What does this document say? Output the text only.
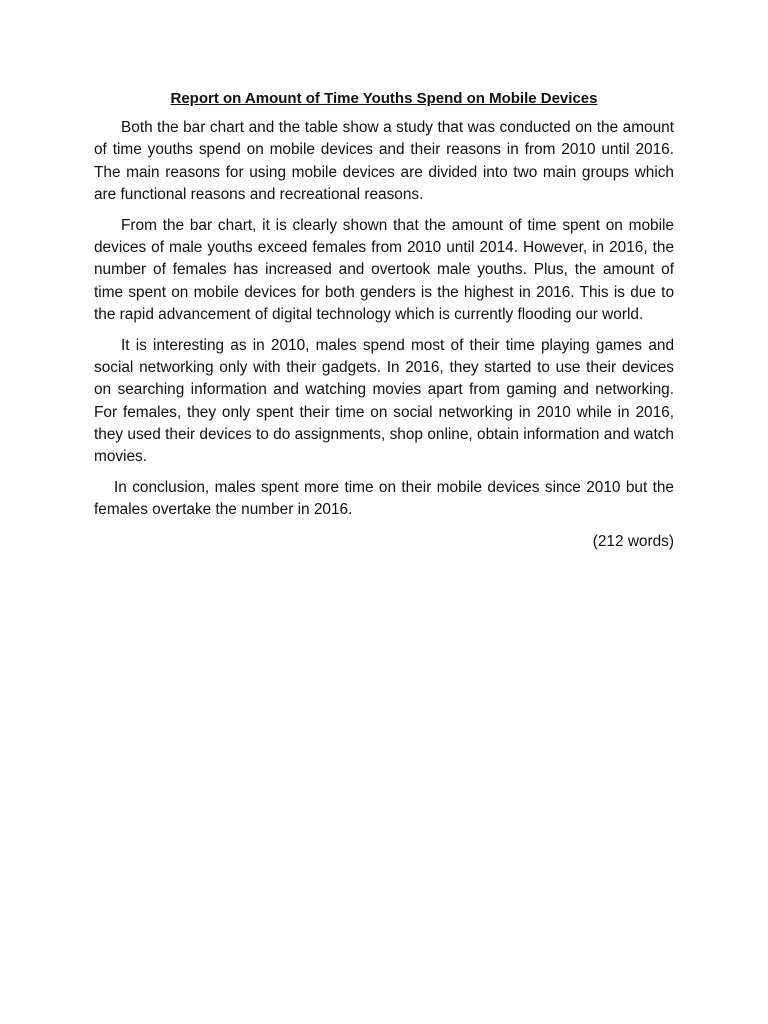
Report on Amount of Time Youths Spend on Mobile Devices

Both the bar chart and the table show a study that was conducted on the amount of time youths spend on mobile devices and their reasons in from 2010 until 2016. The main reasons for using mobile devices are divided into two main groups which are functional reasons and recreational reasons.

From the bar chart, it is clearly shown that the amount of time spent on mobile devices of male youths exceed females from 2010 until 2014. However, in 2016, the number of females has increased and overtook male youths. Plus, the amount of time spent on mobile devices for both genders is the highest in 2016. This is due to the rapid advancement of digital technology which is currently flooding our world.

It is interesting as in 2010, males spend most of their time playing games and social networking only with their gadgets. In 2016, they started to use their devices on searching information and watching movies apart from gaming and networking. For females, they only spent their time on social networking in 2010 while in 2016, they used their devices to do assignments, shop online, obtain information and watch movies.

In conclusion, males spent more time on their mobile devices since 2010 but the females overtake the number in 2016.

(212 words)
